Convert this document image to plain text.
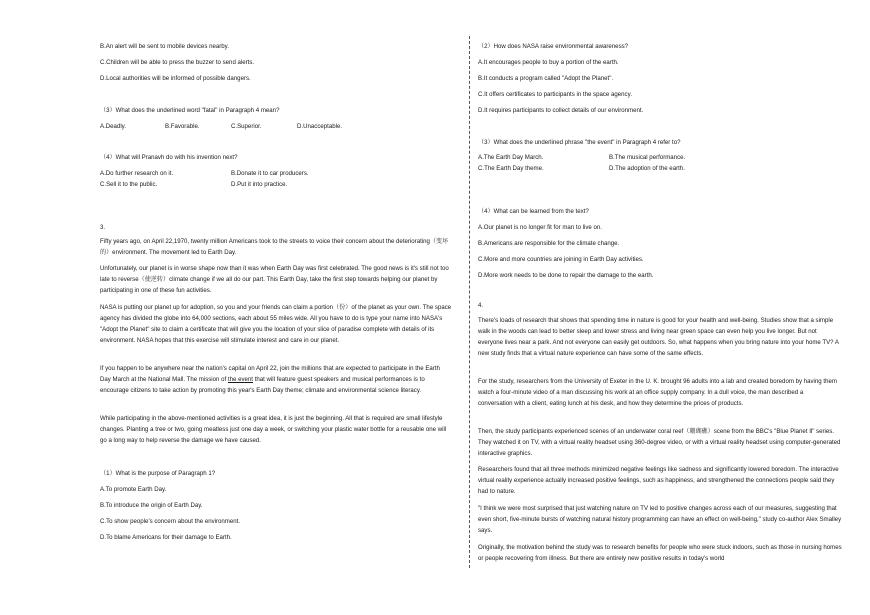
B.An alert will be sent to mobile devices nearby.
C.Children will be able to press the buzzer to send alerts.
D.Local authorities will be informed of possible dangers.
（3）What does the underlined word "fatal" in Paragraph 4 mean?
A.Deadly.	B.Favorable.	C.Superior.	D.Unacceptable.
（4）What will Pranavh do with his invention next?
A.Do further research on it.	B.Donate it to car producers.
C.Sell it to the public.	D.Put it into practice.
3.
Fifty years ago, on April 22,1970, twenty million Americans took to the streets to voice their concern about the deteriorating（变坏的）environment. The movement led to Earth Day.
Unfortunately, our planet is in worse shape now than it was when Earth Day was first celebrated. The good news is it's still not too late to reverse（使逆转）climate change if we all do our part. This Earth Day, take the first step towards helping our planet by participating in one of these fun activities.
NASA is putting our planet up for adoption, so you and your friends can claim a portion（份）of the planet as your own. The space agency has divided the globe into 64,000 sections, each about 55 miles wide. All you have to do is type your name into NASA's "Adopt the Planet" site to claim a certificate that will give you the location of your slice of paradise complete with details of its environment. NASA hopes that this exercise will stimulate interest and care in our planet.
If you happen to be anywhere near the nation's capital on April 22, join the millions that are expected to participate in the Earth Day March at the National Mall. The mission of the event that will feature guest speakers and musical performances is to encourage citizens to take action by promoting this year's Earth Day theme; climate and environmental science literacy.
While participating in the above-mentioned activities is a great idea, it is just the beginning. All that is required are small lifestyle changes. Planting a tree or two, going meatless just one day a week, or switching your plastic water bottle for a reusable one will go a long way to help reverse the damage we have caused.
（1）What is the purpose of Paragraph 1?
A.To promote Earth Day.
B.To introduce the origin of Earth Day.
C.To show people's concern about the environment.
D.To blame Americans for their damage to Earth.
（2）How does NASA raise environmental awareness?
A.It encourages people to buy a portion of the earth.
B.It conducts a program called "Adopt the Planet".
C.It offers certificates to participants in the space agency.
D.It requires participants to collect details of our environment.
（3）What does the underlined phrase "the event" in Paragraph 4 refer to?
A.The Earth Day March.	B.The musical performance.
C.The Earth Day theme.	D.The adoption of the earth.
（4）What can be learned from the text?
A.Our planet is no longer fit for man to live on.
B.Americans are responsible for the climate change.
C.More and more countries are joining in Earth Day activities.
D.More work needs to be done to repair the damage to the earth.
4.
There's loads of research that shows that spending time in nature is good for your health and well-being. Studies show that a simple walk in the woods can lead to better sleep and lower stress and living near green space can even help you live longer. But not everyone lives near a park. And not everyone can easily get outdoors. So, what happens when you bring nature into your home TV? A new study finds that a virtual nature experience can have some of the same effects.
For the study, researchers from the University of Exeter in the U. K. brought 96 adults into a lab and created boredom by having them watch a four-minute video of a man discussing his work at an office supply company. In a dull voice, the man described a conversation with a client, eating lunch at his desk, and how they determine the prices of products.
Then, the study participants experienced scenes of an underwater coral reef（珊瑚礁）scene from the BBC's "Blue Planet Ⅱ" series. They watched it on TV, with a virtual reality headset using 360-degree video, or with a virtual reality headset using computer-generated interactive graphics.
Researchers found that all three methods minimized negative feelings like sadness and significantly lowered boredom. The interactive virtual reality experience actually increased positive feelings, such as happiness, and strengthened the connections people said they had to nature.
"I think we were most surprised that just watching nature on TV led to positive changes across each of our measures, suggesting that even short, five-minute bursts of watching natural history programming can have an effect on well-being," study co-author Alex Smalley says.
Originally, the motivation behind the study was to research benefits for people who were stuck indoors, such as those in nursing homes or people recovering from illness. But there are entirely new positive results in today's world
